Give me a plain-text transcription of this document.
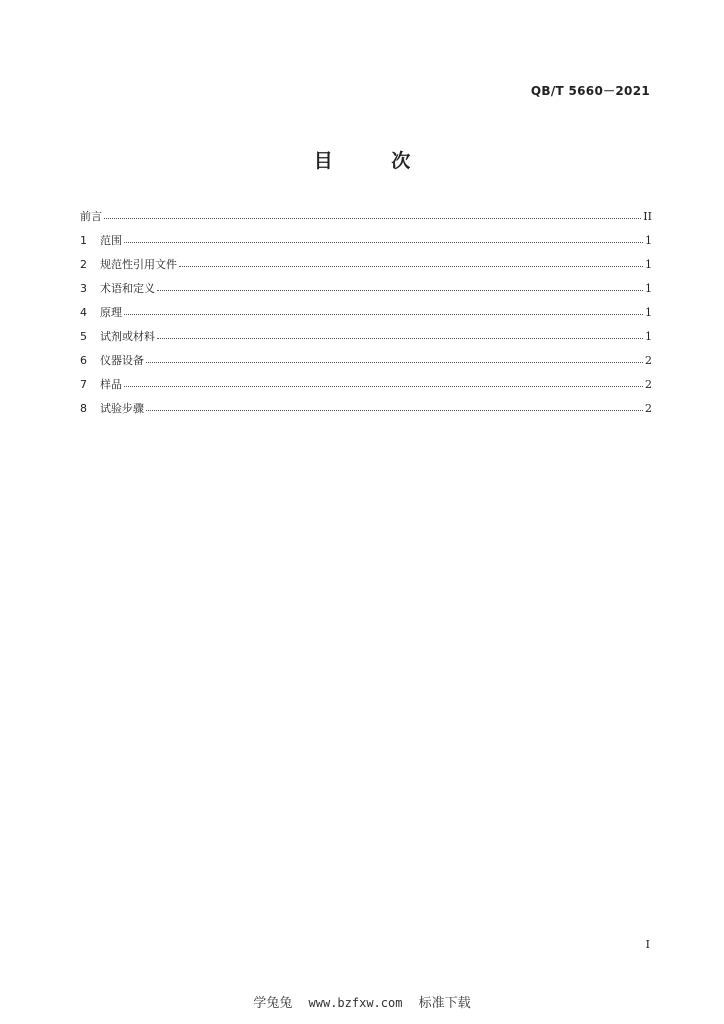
QB/T 5660－2021
目 次
前言	II
1	范围	1
2	规范性引用文件	1
3	术语和定义	1
4	原理	1
5	试剂或材料	1
6	仪器设备	2
7	样品	2
8	试验步骤	2
I
学兔兔 www.bzfxw.com 标准下载
